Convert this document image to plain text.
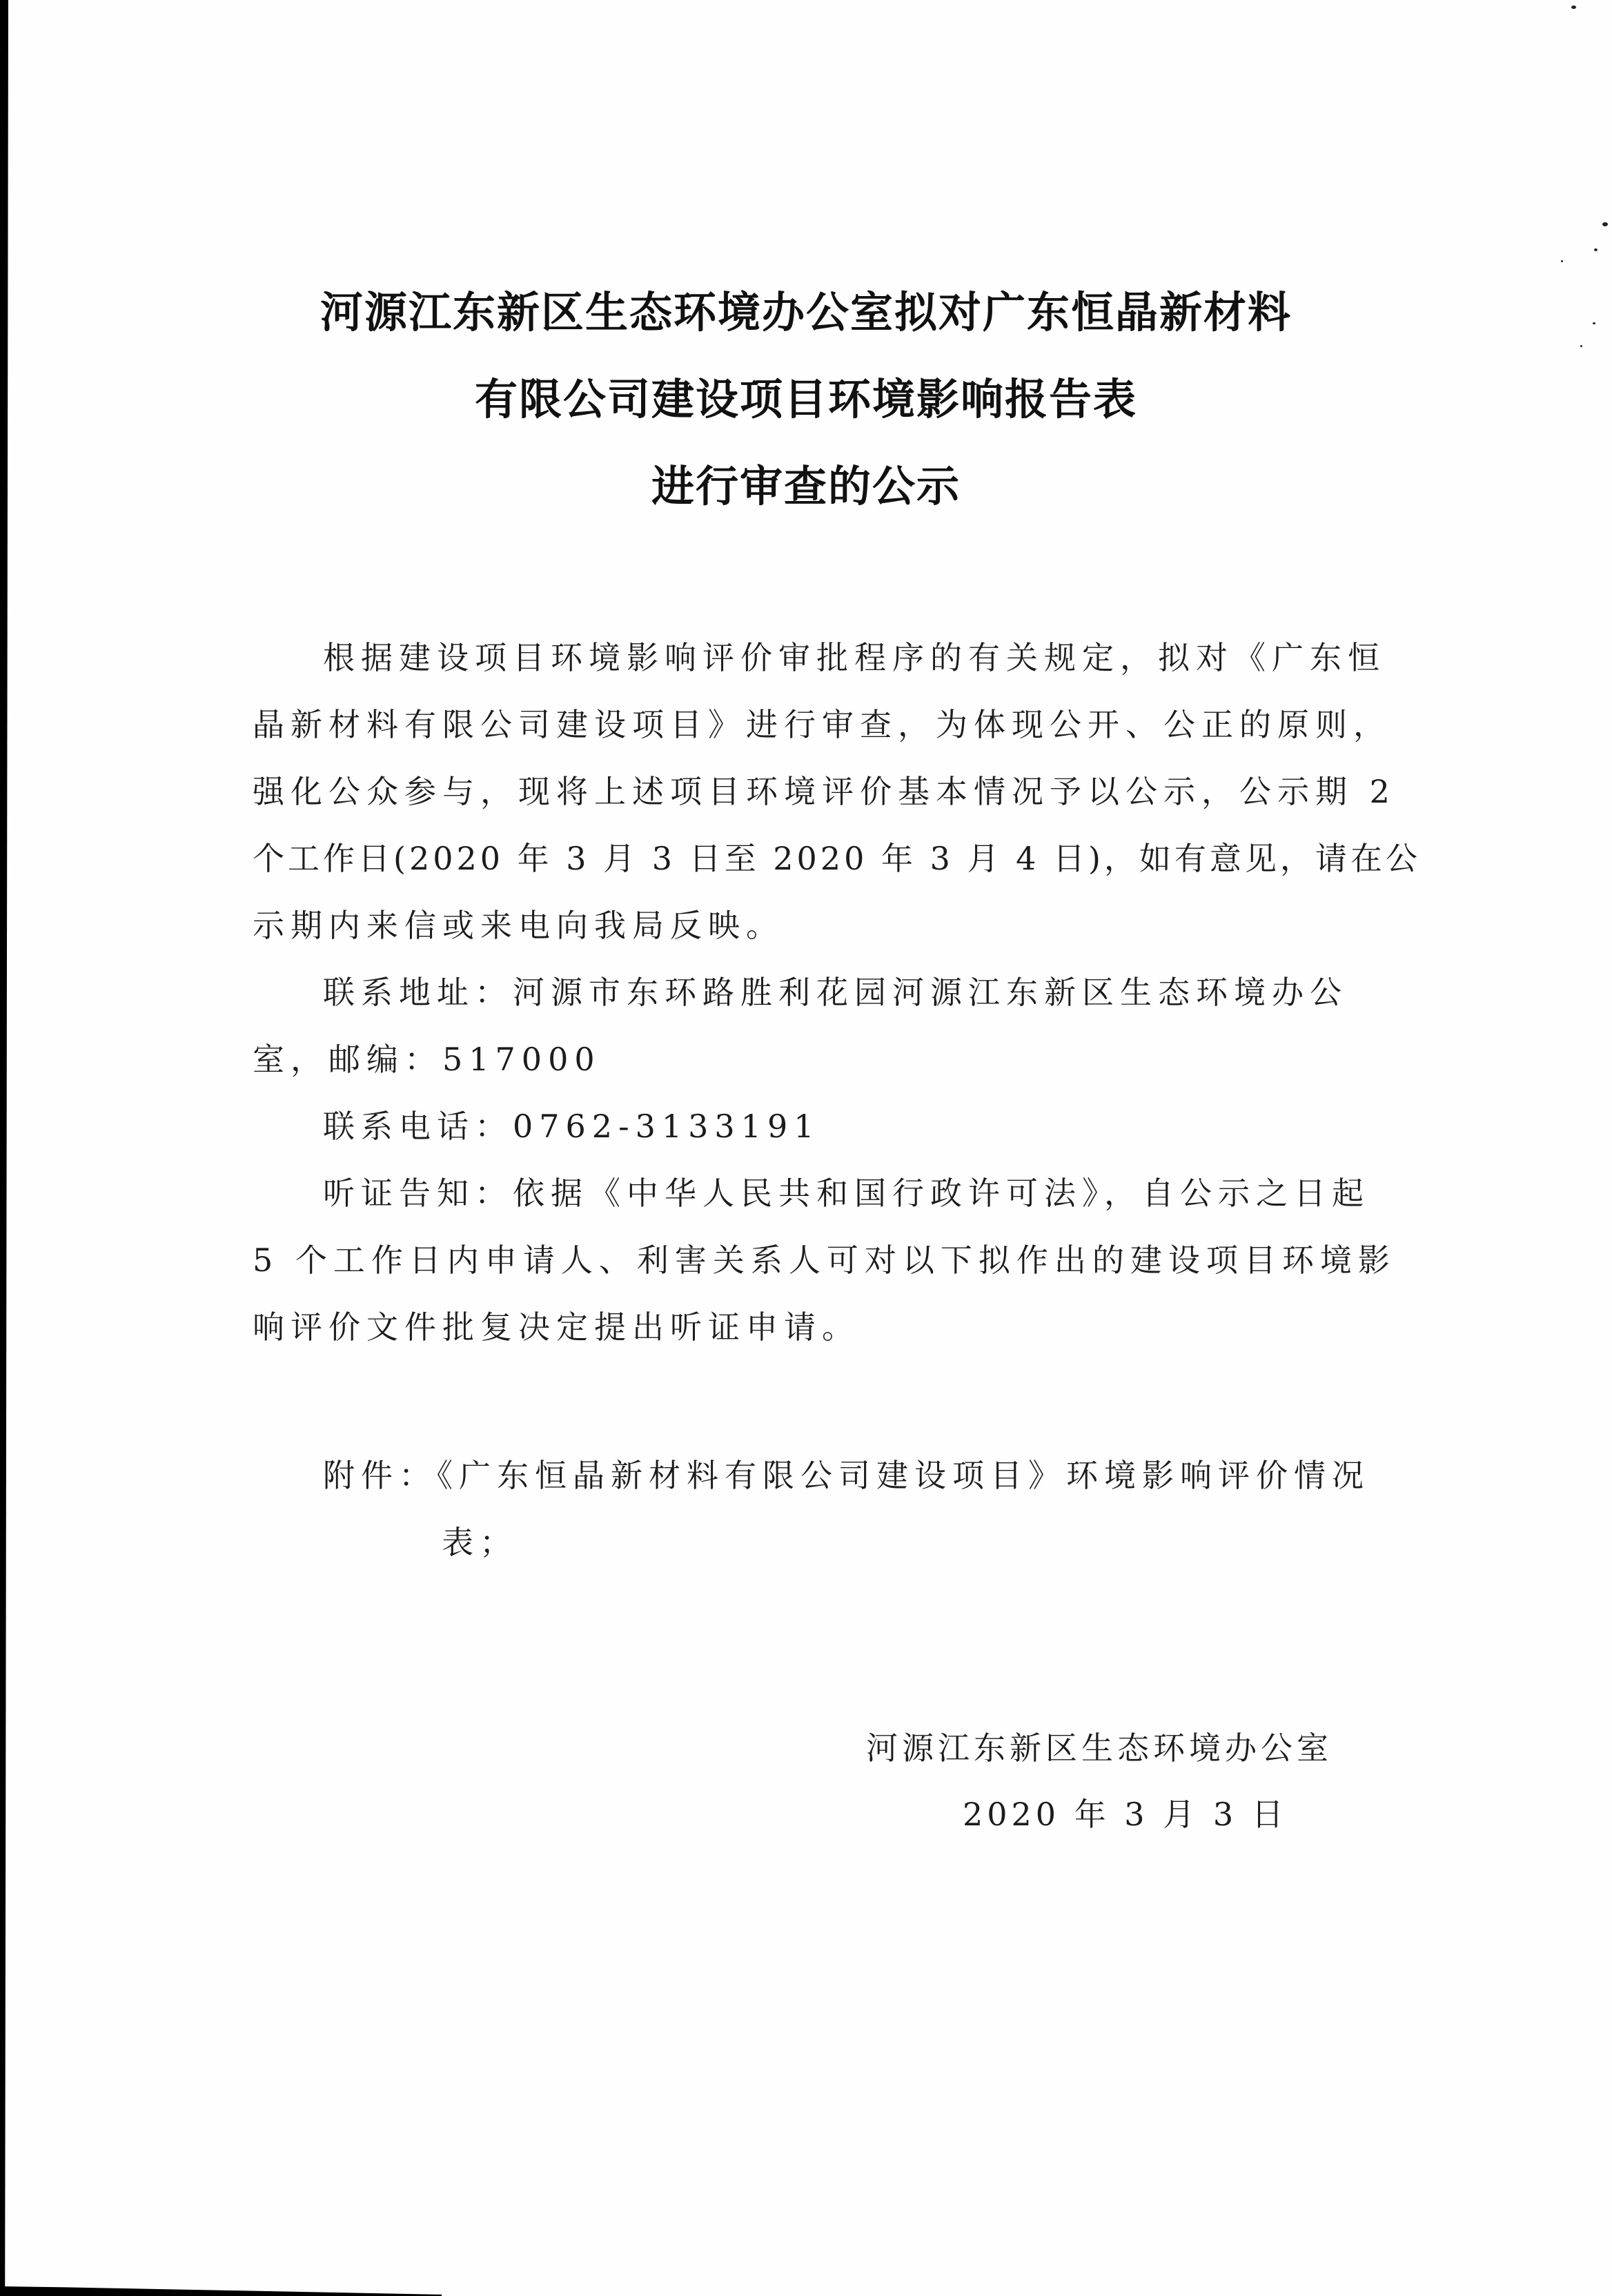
河源江东新区生态环境办公室拟对广东恒晶新材料
有限公司建设项目环境影响报告表
进行审查的公示
根据建设项目环境影响评价审批程序的有关规定，拟对《广东恒
晶新材料有限公司建设项目》进行审查，为体现公开、公正的原则，
强化公众参与，现将上述项目环境评价基本情况予以公示，公示期 2
个工作日(2020 年 3 月 3 日至 2020 年 3 月 4 日)，如有意见，请在公
示期内来信或来电向我局反映。
联系地址：河源市东环路胜利花园河源江东新区生态环境办公
室，邮编：517000
联系电话：0762-3133191
听证告知：依据《中华人民共和国行政许可法》，自公示之日起
5 个工作日内申请人、利害关系人可对以下拟作出的建设项目环境影
响评价文件批复决定提出听证申请。
附件：《广东恒晶新材料有限公司建设项目》环境影响评价情况
表；
河源江东新区生态环境办公室
2020 年 3 月 3 日
